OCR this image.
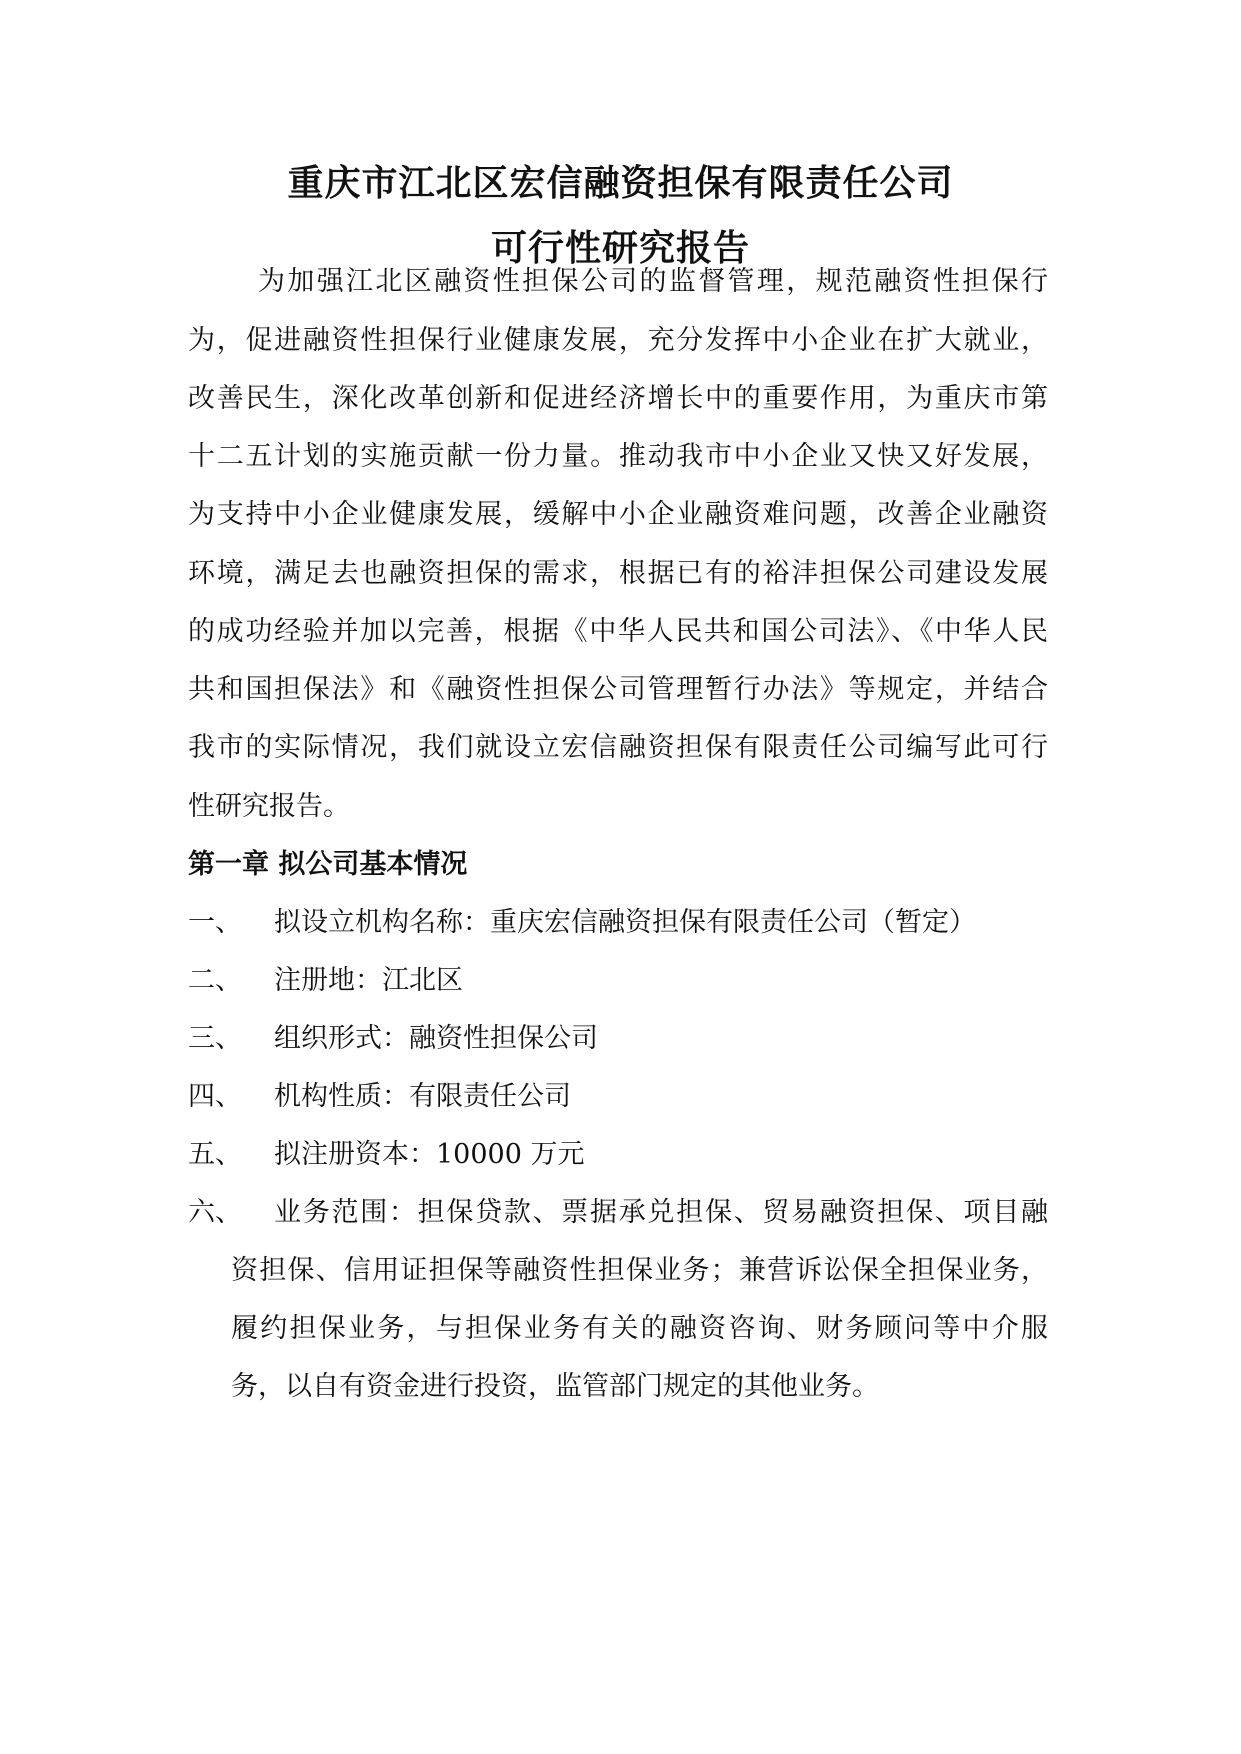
重庆市江北区宏信融资担保有限责任公司
可行性研究报告
为加强江北区融资性担保公司的监督管理，规范融资性担保行
为，促进融资性担保行业健康发展，充分发挥中小企业在扩大就业，
改善民生，深化改革创新和促进经济增长中的重要作用，为重庆市第
十二五计划的实施贡献一份力量。推动我市中小企业又快又好发展，
为支持中小企业健康发展，缓解中小企业融资难问题，改善企业融资
环境，满足去也融资担保的需求，根据已有的裕沣担保公司建设发展
的成功经验并加以完善，根据《中华人民共和国公司法》、《中华人民
共和国担保法》和《融资性担保公司管理暂行办法》等规定，并结合
我市的实际情况，我们就设立宏信融资担保有限责任公司编写此可行
性研究报告。
第一章 拟公司基本情况
一、 拟设立机构名称：重庆宏信融资担保有限责任公司（暂定）
二、 注册地：江北区
三、 组织形式：融资性担保公司
四、 机构性质：有限责任公司
五、 拟注册资本：10000 万元
六、 业务范围：担保贷款、票据承兑担保、贸易融资担保、项目融
资担保、信用证担保等融资性担保业务；兼营诉讼保全担保业务，
履约担保业务，与担保业务有关的融资咨询、财务顾问等中介服
务，以自有资金进行投资，监管部门规定的其他业务。
